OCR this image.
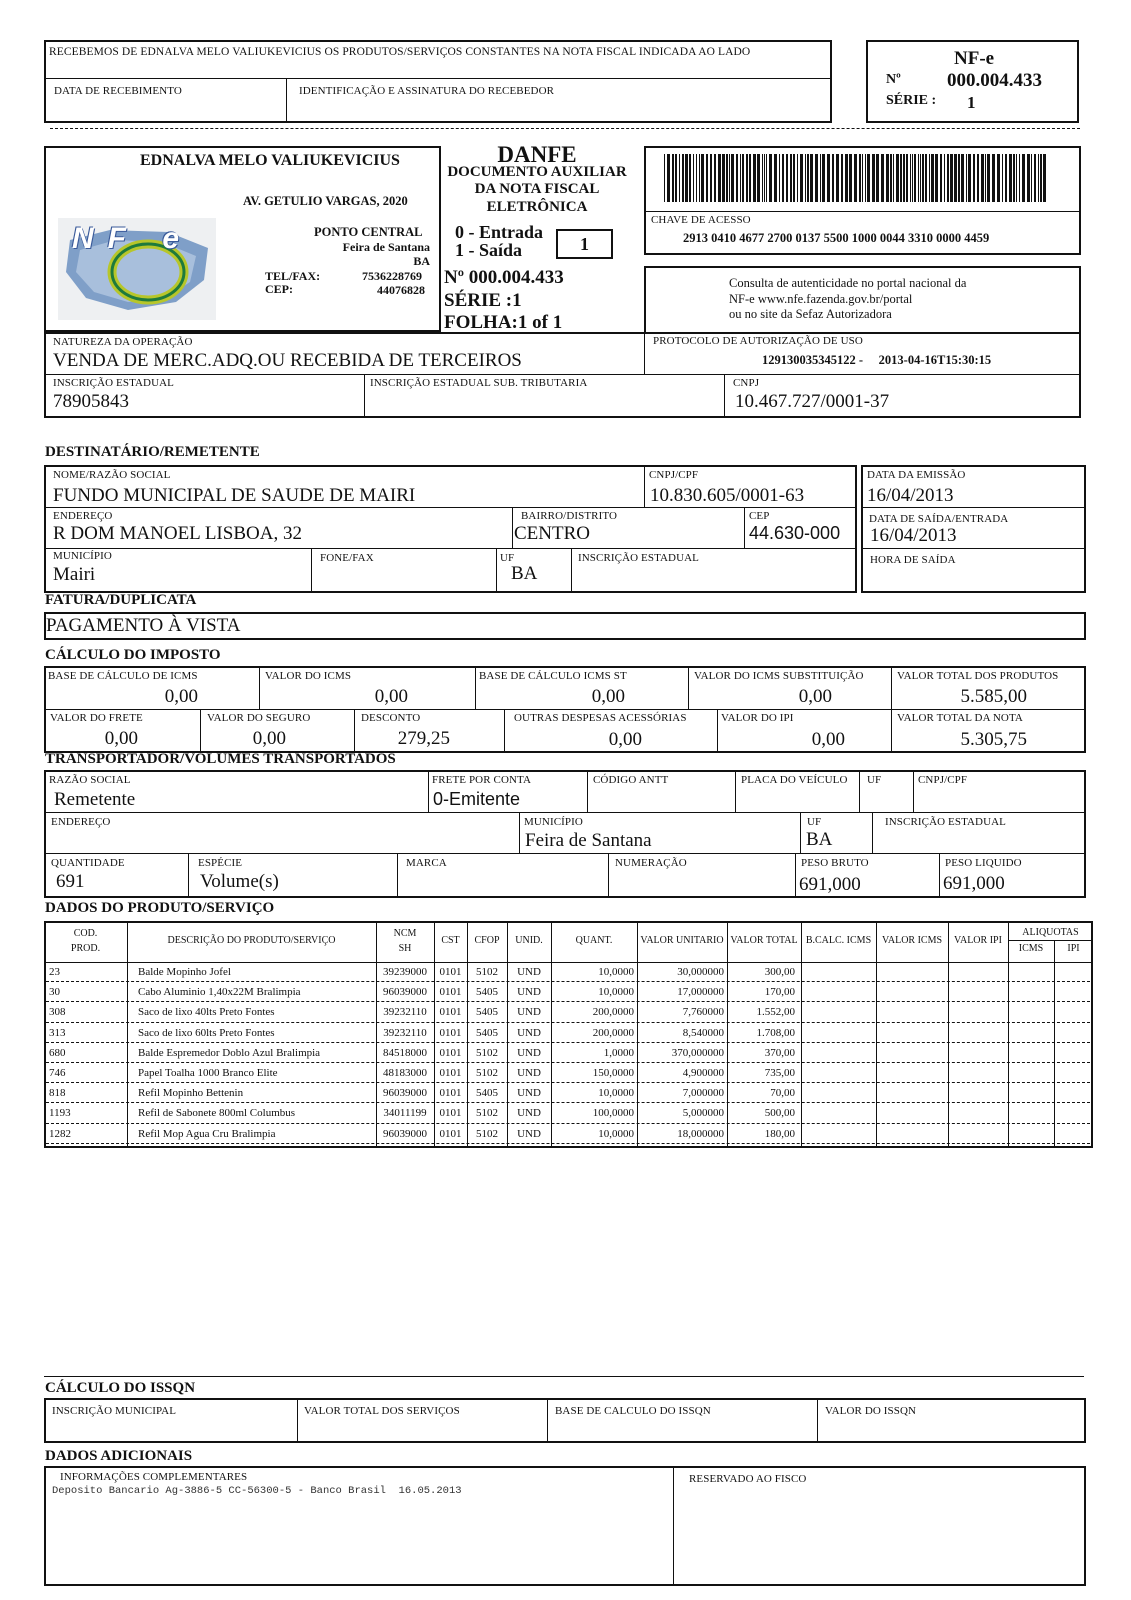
RECEBEMOS DE EDNALVA MELO VALIUKEVICIUS OS PRODUTOS/SERVIÇOS CONSTANTES NA NOTA FISCAL INDICADA AO LADO
DATA DE RECEBIMENTO	IDENTIFICAÇÃO E ASSINATURA DO RECEBEDOR
NF-e
Nº 000.004.433
SÉRIE : 1
EDNALVA MELO VALIUKEVICIUS
AV. GETULIO VARGAS, 2020
PONTO CENTRAL
Feira de Santana
BA
TEL/FAX:	7536228769
CEP:	44076828
NF e
DANFE
DOCUMENTO AUXILIAR
DA NOTA FISCAL
ELETRÔNICA
0 - Entrada
1 - Saída	1
Nº 000.004.433
SÉRIE :1
FOLHA:1 of 1
CHAVE DE ACESSO
2913 0410 4677 2700 0137 5500 1000 0044 3310 0000 4459
Consulta de autenticidade no portal nacional da
NF-e www.nfe.fazenda.gov.br/portal
ou no site da Sefaz Autorizadora
NATUREZA DA OPERAÇÃO
VENDA DE MERC.ADQ.OU RECEBIDA DE TERCEIROS
PROTOCOLO DE AUTORIZAÇÃO DE USO
129130035345122 -     2013-04-16T15:30:15
INSCRIÇÃO ESTADUAL
78905843
INSCRIÇÃO ESTADUAL SUB. TRIBUTARIA	CNPJ
10.467.727/0001-37
DESTINATÁRIO/REMETENTE
NOME/RAZÃO SOCIAL
FUNDO MUNICIPAL DE SAUDE DE MAIRI
CNPJ/CPF
10.830.605/0001-63
ENDEREÇO
R DOM MANOEL LISBOA, 32
BAIRRO/DISTRITO
CENTRO
CEP
44.630-000
MUNICÍPIO
Mairi
FONE/FAX	UF
BA
INSCRIÇÃO ESTADUAL
DATA DA EMISSÃO
16/04/2013
DATA DE SAÍDA/ENTRADA
16/04/2013
HORA DE SAÍDA
FATURA/DUPLICATA
PAGAMENTO À VISTA
CÁLCULO DO IMPOSTO
BASE DE CÁLCULO DE ICMS
0,00
VALOR DO ICMS
0,00
BASE DE CÁLCULO ICMS ST
0,00
VALOR DO ICMS SUBSTITUIÇÃO
0,00
VALOR TOTAL DOS PRODUTOS
5.585,00
VALOR DO FRETE
0,00
VALOR DO SEGURO
0,00
DESCONTO
279,25
OUTRAS DESPESAS ACESSÓRIAS
0,00
VALOR DO IPI
0,00
VALOR TOTAL DA NOTA
5.305,75
TRANSPORTADOR/VOLUMES TRANSPORTADOS
RAZÃO SOCIAL
Remetente
FRETE POR CONTA
0-Emitente
CÓDIGO ANTT	PLACA DO VEÍCULO UF	CNPJ/CPF
ENDEREÇO	MUNICÍPIO
Feira de Santana
UF
BA
INSCRIÇÃO ESTADUAL
QUANTIDADE
691
ESPÉCIE
Volume(s)
MARCA	NUMERAÇÃO	PESO BRUTO
691,000
PESO LIQUIDO
691,000
DADOS DO PRODUTO/SERVIÇO
COD.
PROD.
DESCRIÇÃO DO PRODUTO/SERVIÇO
NCM
SH
CST	CFOP	UNID.	QUANT.	VALOR UNITARIO VALOR TOTAL B.CALC. ICMS	VALOR ICMS	VALOR IPI
ALIQUOTAS
ICMS	IPI
23	Balde Mopinho Jofel	39239000	0101	5102	UND	10,0000	30,000000	300,00
30	Cabo Aluminio 1,40x22M Bralimpia	96039000	0101	5405	UND	10,0000	17,000000	170,00
308	Saco de lixo 40lts Preto Fontes	39232110	0101	5405	UND	200,0000	7,760000	1.552,00
313	Saco de lixo 60lts Preto Fontes	39232110	0101	5405	UND	200,0000	8,540000	1.708,00
680	Balde Espremedor Doblo Azul Bralimpia	84518000	0101	5102	UND	1,0000	370,000000	370,00
746	Papel Toalha 1000 Branco Elite	48183000	0101	5102	UND	150,0000	4,900000	735,00
818	Refil Mopinho Bettenin	96039000	0101	5405	UND	10,0000	7,000000	70,00
1193	Refil de Sabonete 800ml Columbus	34011199	0101	5102	UND	100,0000	5,000000	500,00
1282	Refil Mop Agua Cru Bralimpia	96039000	0101	5102	UND	10,0000	18,000000	180,00
CÁLCULO DO ISSQN
INSCRIÇÃO MUNICIPAL	VALOR TOTAL DOS SERVIÇOS	BASE DE CALCULO DO ISSQN	VALOR DO ISSQN
DADOS ADICIONAIS
INFORMAÇÕES COMPLEMENTARES
Deposito Bancario Ag-3886-5 CC-56300-5 - Banco Brasil  16.05.2013
RESERVADO AO FISCO
